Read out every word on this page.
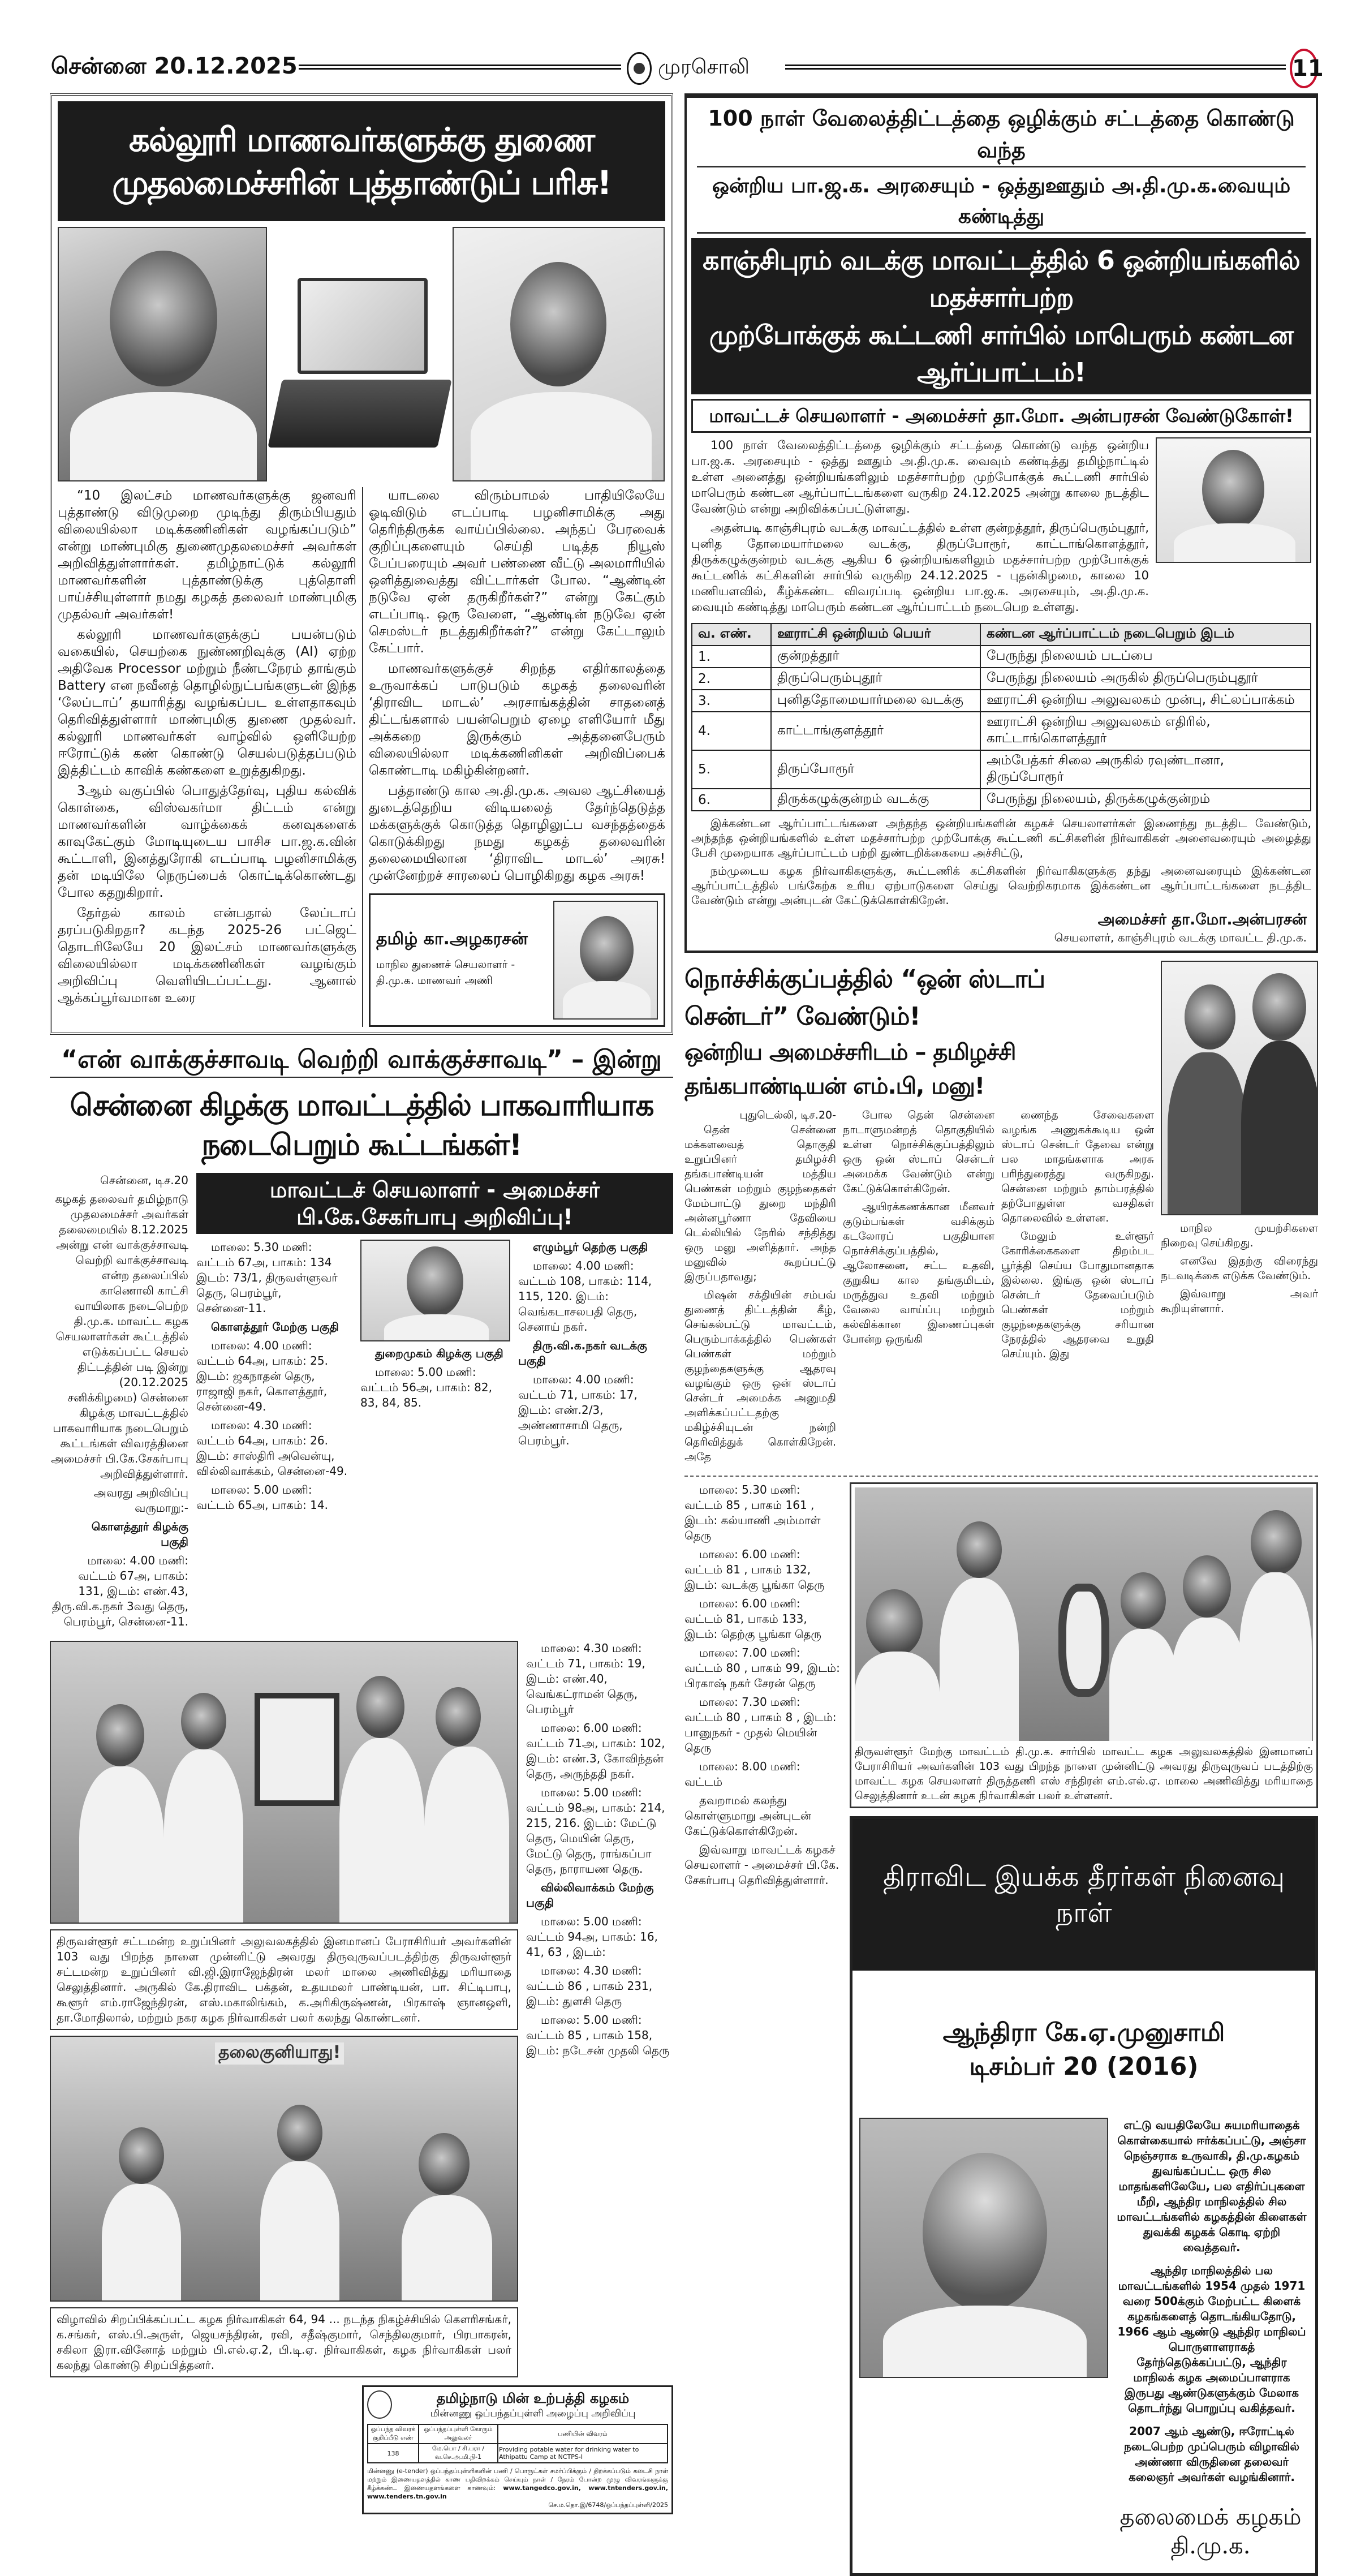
சென்னை 20.12.2025	முரசொலி	11
கல்லூரி மாணவர்களுக்கு துணை முதலமைச்சரின் புத்தாண்டுப் பரிசு!

“10 இலட்சம் மாணவர்களுக்கு ஜனவரி புத்தாண்டு விடுமுறை முடிந்து திரும்பியதும் விலையில்லா மடிக்கணினிகள் வழங்கப்படும்” என்று மாண்புமிகு துணைமுதலமைச்சர் அவர்கள் அறிவித்துள்ளார்கள். தமிழ்நாட்டுக் கல்லூரி மாணவர்களின் புத்தாண்டுக்கு புத்தொளி பாய்ச்சியுள்ளார் நமது கழகத் தலைவர் மாண்புமிகு முதல்வர் அவர்கள்!

கல்லூரி மாணவர்களுக்குப் பயன்படும் வகையில், செயற்கை நுண்ணறிவுக்கு (AI) ஏற்ற அதிவேக Processor மற்றும் நீண்டநேரம் தாங்கும் Battery என நவீனத் தொழில்நுட்பங்களுடன் இந்த ‘லேப்டாப்’ தயாரித்து வழங்கப்பட உள்ளதாகவும் தெரிவித்துள்ளார் மாண்புமிகு துணை முதல்வர். கல்லூரி மாணவர்கள் வாழ்வில் ஒளியேற்ற ஈரோட்டுக் கண் கொண்டு செயல்படுத்தப்படும் இத்திட்டம் காவிக் கண்களை உறுத்துகிறது.

3ஆம் வகுப்பில் பொதுத்தேர்வு, புதிய கல்விக் கொள்கை, விஸ்வகர்மா திட்டம் என்று மாணவர்களின் வாழ்க்கைக் கனவுகளைக் காவுகேட்கும் மோடியுடைய பாசிச பா.ஜ.க.வின் கூட்டாளி, இனத்துரோகி எடப்பாடி பழனிசாமிக்கு தன் மடியிலே நெருப்பைக் கொட்டிக்கொண்டது போல கதறுகிறார்.

தேர்தல் காலம் என்பதால் லேப்டாப் தரப்படுகிறதா? கடந்த 2025-26 பட்ஜெட் தொடரிலேயே 20 இலட்சம் மாணவர்களுக்கு விலையில்லா மடிக்கணினிகள் வழங்கும் அறிவிப்பு வெளியிடப்பட்டது. ஆனால் ஆக்கப்பூர்வமான உரை

யாடலை விரும்பாமல் பாதியிலேயே ஓடிவிடும் எடப்பாடி பழனிசாமிக்கு அது தெரிந்திருக்க வாய்ப்பில்லை. அந்தப் பேரவைக் குறிப்புகளையும் செய்தி படித்த நியூஸ் பேப்பரையும் அவர் பண்ணை வீட்டு அலமாரியில் ஒளித்துவைத்து விட்டார்கள் போல. “ஆண்டின் நடுவே ஏன் தருகிறீர்கள்?” என்று கேட்கும் எடப்பாடி. ஒரு வேளை, “ஆண்டின் நடுவே ஏன் செமஸ்டர் நடத்துகிறீர்கள்?” என்று கேட்டாலும் கேட்பார்.

மாணவர்களுக்குச் சிறந்த எதிர்காலத்தை உருவாக்கப் பாடுபடும் கழகத் தலைவரின் ‘திராவிட மாடல்’ அரசாங்கத்தின் சாதனைத் திட்டங்களால் பயன்பெறும் ஏழை எளியோர் மீது அக்கறை இருக்கும் அத்தனைபேரும் விலையில்லா மடிக்கணினிகள் அறிவிப்பைக் கொண்டாடி மகிழ்கின்றனர்.

பத்தாண்டு கால அ.தி.மு.க. அவல ஆட்சியைத் துடைத்தெறிய விடியலைத் தேர்ந்தெடுத்த மக்களுக்குக் கொடுத்த தொழிலுட்ப வசந்தத்தைக் கொடுக்கிறது நமது கழகத் தலைவரின் தலைமையிலான ‘திராவிட மாடல்’ அரசு! முன்னேற்றச் சாரலைப் பொழிகிறது கழக அரசு!

தமிழ் கா.அழகரசன்
மாநில துணைச் செயலாளர் - தி.மு.க. மாணவர் அணி
“என் வாக்குச்சாவடி வெற்றி வாக்குச்சாவடி” – இன்று
சென்னை கிழக்கு மாவட்டத்தில் பாகவாரியாக நடைபெறும் கூட்டங்கள்!

சென்னை, டிச.20

கழகத் தலைவர் தமிழ்நாடு முதலமைச்சர் அவர்கள் தலைமையில் 8.12.2025 அன்று என் வாக்குச்சாவடி வெற்றி வாக்குச்சாவடி என்ற தலைப்பில் காணொலி காட்சி வாயிலாக நடைபெற்ற தி.மு.க. மாவட்ட கழக செயலாளர்கள் கூட்டத்தில் எடுக்கப்பட்ட செயல் திட்டத்தின் படி இன்று (20.12.2025 சனிக்கிழமை) சென்னை கிழக்கு மாவட்டத்தில் பாகவாரியாக நடைபெறும் கூட்டங்கள் விவரத்தினை அமைச்சர் பி.கே.சேகர்பாபு அறிவித்துள்ளார்.

அவரது அறிவிப்பு வருமாறு:-

கொளத்தூர் கிழக்கு பகுதி

மாலை: 4.00 மணி: வட்டம் 67அ, பாகம்: 131, இடம்: எண்.43, திரு.வி.க.நகர் 3வது தெரு, பெரம்பூர், சென்னை-11.

மாவட்டச் செயலாளர் - அமைச்சர் பி.கே.சேகர்பாபு அறிவிப்பு!

மாலை: 5.30 மணி: வட்டம் 67அ, பாகம்: 134 இடம்: 73/1, திருவள்ளுவர் தெரு, பெரம்பூர், சென்னை-11.

கொளத்தூர் மேற்கு பகுதி

மாலை: 4.00 மணி: வட்டம் 64அ, பாகம்: 25. இடம்: ஜகநாதன் தெரு, ராஜாஜி நகர், கொளத்தூர், சென்னை-49.

மாலை: 4.30 மணி: வட்டம் 64அ, பாகம்: 26. இடம்: சாஸ்திரி அவென்யு, வில்லிவாக்கம், சென்னை-49.

மாலை: 5.00 மணி: வட்டம் 65அ, பாகம்: 14.

துறைமுகம் கிழக்கு பகுதி

மாலை: 5.00 மணி: வட்டம் 56அ, பாகம்: 82, 83, 84, 85.

எழும்பூர் தெற்கு பகுதி

மாலை: 4.00 மணி: வட்டம் 108, பாகம்: 114, 115, 120. இடம்: வெங்கடாசலபதி தெரு, செனாய் நகர்.

திரு.வி.க.நகர் வடக்கு பகுதி

மாலை: 4.00 மணி: வட்டம் 71, பாகம்: 17, இடம்: எண்.2/3, அண்ணாசாமி தெரு, பெரம்பூர்.

திருவள்ளூர் சட்டமன்ற உறுப்பினர் அலுவலகத்தில் இனமானப் பேராசிரியர் அவர்களின் 103 வது பிறந்த நாளை முன்னிட்டு அவரது திருவுருவப்படத்திற்கு திருவள்ளூர் சட்டமன்ற உறுப்பினர் வி.ஜி.இராஜேந்திரன் மலர் மாலை அணிவித்து மரியாதை செலுத்தினார். அருகில் கே.திராவிட பக்தன், உதயமலர் பாண்டியன், பா. சிட்டிபாபு, கூளூர் எம்.ராஜேந்திரன், எஸ்.மகாலிங்கம், க.அரிகிருஷ்ணன், பிரகாஷ் ஞானஒளி, தா.மோதிலால், மற்றும் நகர கழக நிர்வாகிகள் பலர் கலந்து கொண்டனர்.
தலைகுனியாது!
விழாவில் சிறப்பிக்கப்பட்ட கழக நிர்வாகிகள் 64, 94 ... நடந்த நிகழ்ச்சியில் கௌரிசங்கர், க.சங்கர், எஸ்.பி.அருள், ஜெயசந்திரன், ரவி, சதீஷ்குமார், செந்திலகுமார், பிரபாகரன், சகிலா இரா.வினோத் மற்றும் பி.எல்.ஏ.2, பி.டி.ஏ. நிர்வாகிகள், கழக நிர்வாகிகள் பலர் கலந்து கொண்டு சிறப்பித்தனர்.

மாலை: 4.30 மணி: வட்டம் 71, பாகம்: 19, இடம்: எண்.40, வெங்கட்ராமன் தெரு, பெரம்பூர்

மாலை: 6.00 மணி: வட்டம் 71அ, பாகம்: 102, இடம்: எண்.3, கோவிந்தன் தெரு, அருந்ததி நகர்.

மாலை: 5.00 மணி: வட்டம் 98அ, பாகம்: 214, 215, 216. இடம்: மேட்டு தெரு, மெயின் தெரு, மேட்டு தெரு, ராங்கப்பா தெரு, நாராயண தெரு.

வில்லிவாக்கம் மேற்கு பகுதி

மாலை: 5.00 மணி: வட்டம் 94அ, பாகம்: 16, 41, 63 , இடம்:

மாலை: 4.30 மணி: வட்டம் 86 , பாகம் 231, இடம்: துளசி தெரு

மாலை: 5.00 மணி: வட்டம் 85 , பாகம் 158, இடம்: நடேசன் முதலி தெரு

தமிழ்நாடு மின் உற்பத்தி கழகம்
மின்னணு ஒப்பந்தப்புள்ளி அழைப்பு அறிவிப்பு
ஒப்பந்த விவரக் குறிப்பீடு எண்	ஒப்பந்தப்புள்ளி கோரும் அலுவலர்	பணியின் விவரம்
138	மே.பொ / சி.பரா / வ.செ.அ.மி.நி-1	Providing potable water for drinking water to Athipattu Camp at NCTPS-I
மின்னணு (e-tender) ஒப்பந்தப்புள்ளிகளின் பணி / பொருட்கள் சமர்ப்பிக்கும் / திறக்கப்படும் கடைசி நாள் மற்றும் இணையதளத்தில் காண பதிவிறக்கம் செய்யும் நாள் / நேரம் போன்ற முழு விவரங்களுக்கு கீழ்க்கண்ட இணையதளங்களை காணவும்: www.tangedco.gov.in, www.tntenders.gov.in, www.tenders.tn.gov.in
செ.ம.தொ.இ/6748/ஒப்பந்தப்புள்ளி/2025
100 நாள் வேலைத்திட்டத்தை ஒழிக்கும் சட்டத்தை கொண்டு வந்த
ஒன்றிய பா.ஜ.க. அரசையும் - ஒத்துஊதும் அ.தி.மு.க.வையும் கண்டித்து
காஞ்சிபுரம் வடக்கு மாவட்டத்தில் 6 ஒன்றியங்களில் மதச்சார்பற்ற
முற்போக்குக் கூட்டணி சார்பில் மாபெரும் கண்டன ஆர்ப்பாட்டம்!
மாவட்டச் செயலாளர் - அமைச்சர் தா.மோ. அன்பரசன் வேண்டுகோள்!

100 நாள் வேலைத்திட்டத்தை ஒழிக்கும் சட்டத்தை கொண்டு வந்த ஒன்றிய பா.ஜ.க. அரசையும் - ஒத்து ஊதும் அ.தி.மு.க. வைவும் கண்டித்து தமிழ்நாட்டில் உள்ள அனைத்து ஒன்றியங்களிலும் மதச்சார்பற்ற முற்போக்குக் கூட்டணி சார்பில் மாபெரும் கண்டன ஆர்ப்பாட்டங்களை வருகிற 24.12.2025 அன்று காலை நடத்திட வேண்டும் என்று அறிவிக்கப்பட்டுள்ளது.

அதன்படி காஞ்சிபுரம் வடக்கு மாவட்டத்தில் உள்ள குன்றத்தூர், திருப்பெரும்புதூர், புனித தோமையார்மலை வடக்கு, திருப்போரூர், காட்டாங்கொளத்தூர், திருக்கழுக்குன்றம் வடக்கு ஆகிய 6 ஒன்றியங்களிலும் மதச்சார்பற்ற முற்போக்குக் கூட்டணிக் கட்சிகளின் சார்பில் வருகிற 24.12.2025 - புதன்கிழமை, காலை 10 மணியளவில், கீழ்க்கண்ட விவரப்படி ஒன்றிய பா.ஜ.க. அரசையும், அ.தி.மு.க. வையும் கண்டித்து மாபெரும் கண்டன ஆர்ப்பாட்டம் நடைபெற உள்ளது.

வ. எண்.	ஊராட்சி ஒன்றியம் பெயர்	கண்டன ஆர்ப்பாட்டம் நடைபெறும் இடம்
1.	குன்றத்தூர்	பேருந்து நிலையம் படப்பை
2.	திருப்பெரும்புதூர்	பேருந்து நிலையம் அருகில் திருப்பெரும்புதூர்
3.	புனிததோமையார்மலை வடக்கு	ஊராட்சி ஒன்றிய அலுவலகம் முன்பு, சிட்லப்பாக்கம்
4.	காட்டாங்குளத்தூர்	ஊராட்சி ஒன்றிய அலுவலகம் எதிரில், காட்டாங்கொளத்தூர்
5.	திருப்போரூர்	அம்பேத்கர் சிலை அருகில் ரவுண்டானா, திருப்போரூர்
6.	திருக்கழுக்குன்றம் வடக்கு	பேருந்து நிலையம், திருக்கழுக்குன்றம்

இக்கண்டன ஆர்ப்பாட்டங்களை அந்தந்த ஒன்றியங்களின் கழகச் செயலாளர்கள் இணைந்து நடத்திட வேண்டும், அந்தந்த ஒன்றியங்களில் உள்ள மதச்சார்பற்ற முற்போக்கு கூட்டணி கட்சிகளின் நிர்வாகிகள் அனைவரையும் அழைத்து பேசி முறையாக ஆர்ப்பாட்டம் பற்றி துண்டறிக்கையை அச்சிட்டு,

நம்முடைய கழக நிர்வாகிகளுக்கு, கூட்டணிக் கட்சிகளின் நிர்வாகிகளுக்கு தந்து அனைவரையும் இக்கண்டன ஆர்ப்பாட்டத்தில் பங்கேற்க உரிய ஏற்பாடுகளை செய்து வெற்றிகரமாக இக்கண்டன ஆர்ப்பாட்டங்களை நடத்திட வேண்டும் என்று அன்புடன் கேட்டுக்கொள்கிறேன்.

அமைச்சர் தா.மோ.அன்பரசன்
செயலாளர், காஞ்சிபுரம் வடக்கு மாவட்ட தி.மு.க.
நொச்சிக்குப்பத்தில் “ஒன் ஸ்டாப் சென்டர்” வேண்டும்!
ஒன்றிய அமைச்சரிடம் – தமிழச்சி தங்கபாண்டியன் எம்.பி, மனு!
புதுடெல்லி, டிச.20-

தென் சென்னை மக்களவைத் தொகுதி உறுப்பினர் தமிழச்சி தங்கபாண்டியன் மத்திய பெண்கள் மற்றும் குழந்தைகள் மேம்பாட்டு துறை மந்திரி அன்னபூர்ணா தேவியை டெல்லியில் நேரில் சந்தித்து ஒரு மனு அளித்தார். அந்த மனுவில் கூறப்பட்டு இருப்பதாவது;

மிஷன் சக்தியின் சம்பவ் துணைத் திட்டத்தின் கீழ், செங்கல்பட்டு மாவட்டம், பெரும்பாக்கத்தில் பெண்கள் பெண்கள் மற்றும் குழந்தைகளுக்கு ஆதரவு வழங்கும் ஒரு ஒன் ஸ்டாப் சென்டர் அமைக்க அனுமதி அளிக்கப்பட்டதற்கு மகிழ்ச்சியுடன் நன்றி தெரிவித்துக் கொள்கிறேன். அதே

போல தென் சென்னை நாடாளுமன்றத் தொகுதியில் உள்ள நொச்சிக்குப்பத்திலும் ஒரு ஒன் ஸ்டாப் சென்டர் அமைக்க வேண்டும் என்று கேட்டுக்கொள்கிறேன்.

ஆயிரக்கணக்கான மீனவர் குடும்பங்கள் வசிக்கும் கடலோரப் பகுதியான நொச்சிக்குப்பத்தில், ஆலோசனை, சட்ட உதவி, குறுகிய கால தங்குமிடம், மருத்துவ உதவி மற்றும் வேலை வாய்ப்பு மற்றும் கல்விக்கான இணைப்புகள் போன்ற ஒருங்கி

ணைந்த சேவைகளை வழங்க அணுகக்கூடிய ஒன் ஸ்டாப் சென்டர் தேவை என்று பல மாதங்களாக அரசு பரிந்துரைத்து வருகிறது. சென்னை மற்றும் தாம்பரத்தில் தற்போதுள்ள வசதிகள் தொலைவில் உள்ளன.

மேலும் உள்ளூர் கோரிக்கைகளை திறம்பட பூர்த்தி செய்ய போதுமானதாக இல்லை. இங்கு ஒன் ஸ்டாப் சென்டர் தேவைப்படும் பெண்கள் மற்றும் குழந்தைகளுக்கு சரியான நேரத்தில் ஆதரவை உறுதி செய்யும். இது

மாநில முயற்சிகளை நிறைவு செய்கிறது.

எனவே இதற்கு விரைந்து நடவடிக்கை எடுக்க வேண்டும்.

இவ்வாறு அவர் கூறியுள்ளார்.

மாலை: 5.30 மணி: வட்டம் 85 , பாகம் 161 , இடம்: கல்யாணி அம்மாள் தெரு

மாலை: 6.00 மணி: வட்டம் 81 , பாகம் 132, இடம்: வடக்கு பூங்கா தெரு

மாலை: 6.00 மணி: வட்டம் 81, பாகம் 133, இடம்: தெற்கு பூங்கா தெரு

மாலை: 7.00 மணி: வட்டம் 80 , பாகம் 99, இடம்: பிரகாஷ் நகர் சேரன் தெரு

மாலை: 7.30 மணி: வட்டம் 80 , பாகம் 8 , இடம்: பானுநகர் - முதல் மெயின் தெரு

மாலை: 8.00 மணி: வட்டம்

தவறாமல் கலந்து கொள்ளுமாறு அன்புடன் கேட்டுக்கொள்கிறேன்.

இவ்வாறு மாவட்டக் கழகச் செயலாளர் - அமைச்சர் பி.கே. சேகர்பாபு தெரிவித்துள்ளார்.

திருவள்ளூர் மேற்கு மாவட்டம் தி.மு.க. சார்பில் மாவட்ட கழக அலுவலகத்தில் இனமானப் பேராசிரியர் அவர்களின் 103 வது பிறந்த நாளை முன்னிட்டு அவரது திருவுருவப் படத்திற்கு மாவட்ட கழக செயலாளர் திருத்தணி எஸ் சந்திரன் எம்.எல்.ஏ. மாலை அணிவித்து மரியாதை செலுத்தினார் உடன் கழக நிர்வாகிகள் பலர் உள்ளனர்.
திராவிட இயக்க தீரர்கள் நினைவு நாள்
ஆந்திரா கே.ஏ.முனுசாமி
டிசம்பர் 20 (2016)

எட்டு வயதிலேயே சுயமரியாதைக் கொள்கையால் ஈர்க்கப்பட்டு, அஞ்சா நெஞ்சராக உருவாகி, தி.மு.கழகம் துவங்கப்பட்ட ஒரு சில மாதங்களிலேயே, பல எதிர்ப்புகளை மீறி, ஆந்திர மாநிலத்தில் சில மாவட்டங்களில் கழகத்தின் கிளைகள் துவக்கி கழகக் கொடி ஏற்றி வைத்தவர்.

ஆந்திர மாநிலத்தில் பல மாவட்டங்களில் 1954 முதல் 1971 வரை 500க்கும் மேற்பட்ட கிளைக் கழகங்களைத் தொடங்கியதோடு, 1966 ஆம் ஆண்டு ஆந்திர மாநிலப் பொருளாளராகத் தேர்ந்தெடுக்கப்பட்டு, ஆந்திர மாநிலக் கழக அமைப்பாளராக இருபது ஆண்டுகளுக்கும் மேலாக தொடர்ந்து பொறுப்பு வகித்தவர்.

2007 ஆம் ஆண்டு, ஈரோட்டில் நடைபெற்ற முப்பெரும் விழாவில் அண்ணா விருதினை தலைவர் கலைஞர் அவர்கள் வழங்கினார்.

தலைமைக் கழகம்
தி.மு.க.
